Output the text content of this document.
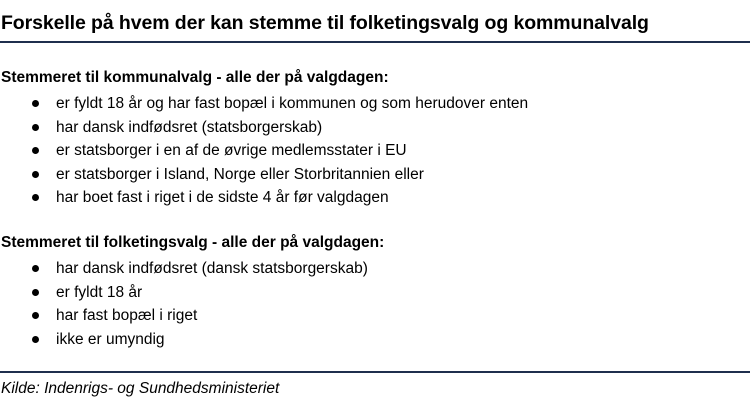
Forskelle på hvem der kan stemme til folketingsvalg og kommunalvalg
Stemmeret til kommunalvalg - alle der på valgdagen:
er fyldt 18 år og har fast bopæl i kommunen og som herudover enten
har dansk indfødsret (statsborgerskab)
er statsborger i en af de øvrige medlemsstater i EU
er statsborger i Island, Norge eller Storbritannien eller
har boet fast i riget i de sidste 4 år før valgdagen
Stemmeret til folketingsvalg - alle der på valgdagen:
har dansk indfødsret (dansk statsborgerskab)
er fyldt 18 år
har fast bopæl i riget
ikke er umyndig
Kilde: Indenrigs- og Sundhedsministeriet
